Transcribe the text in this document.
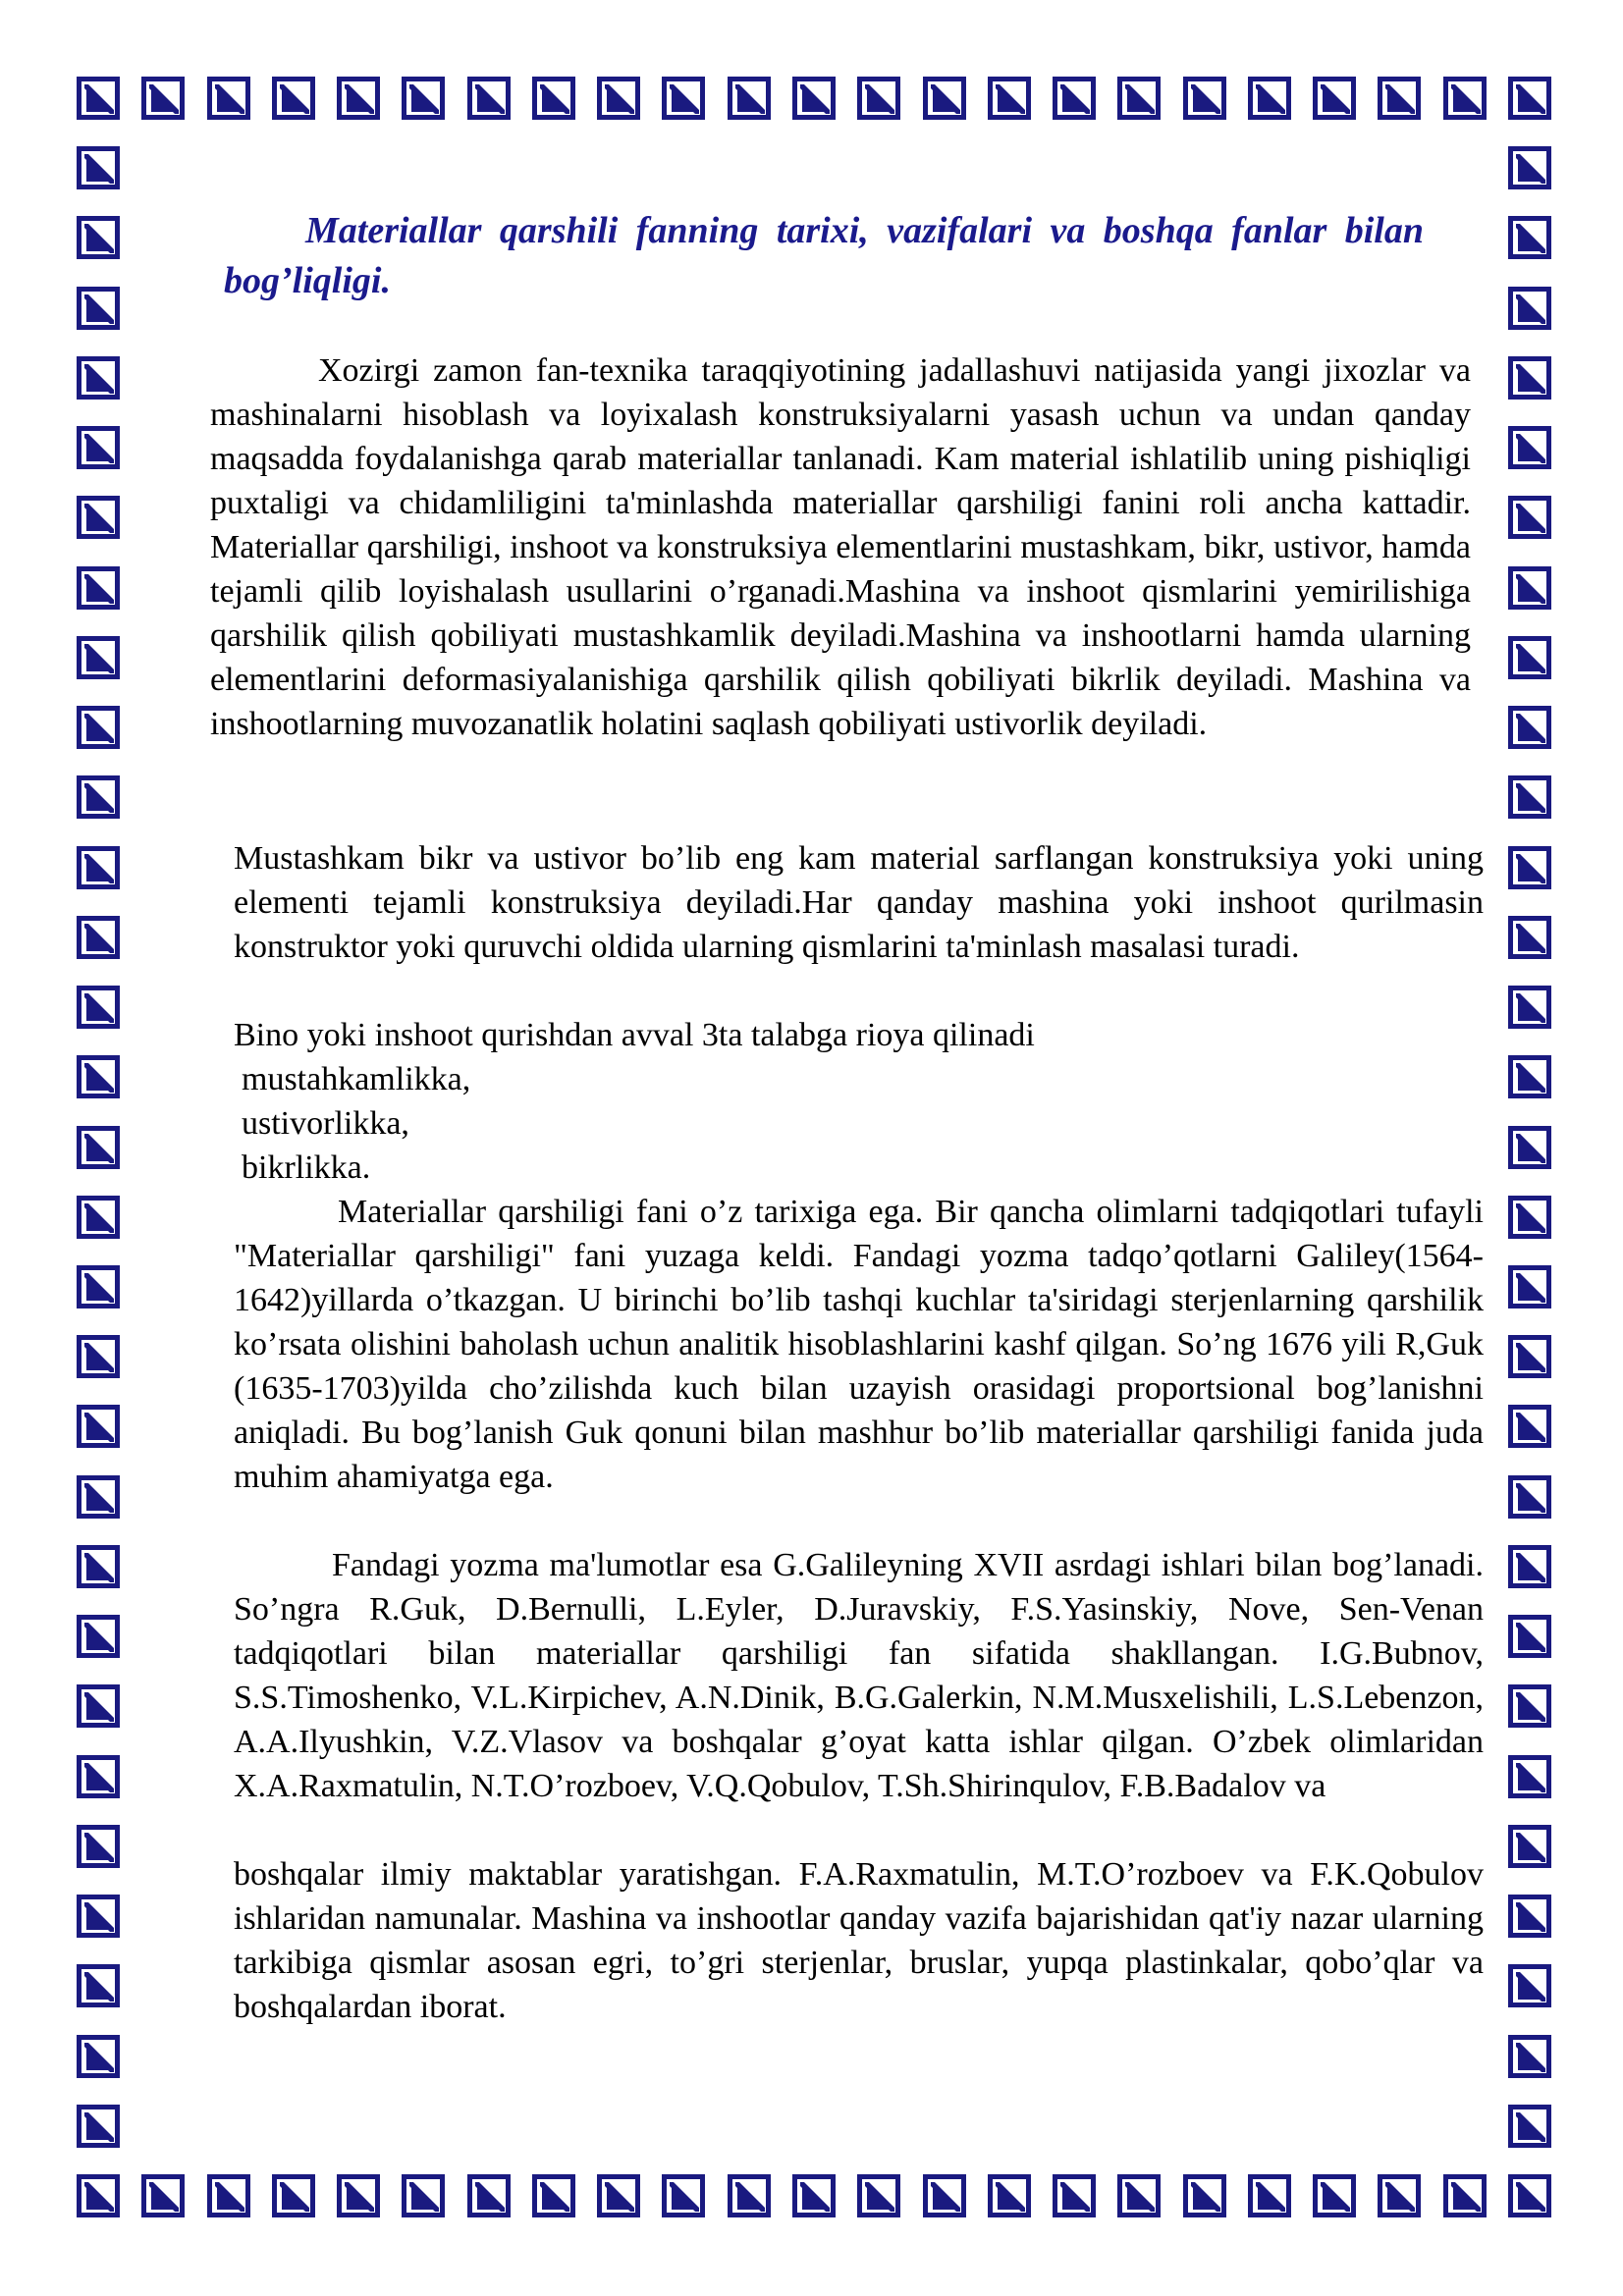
Materiallar qarshili fanning tarixi, vazifalari va boshqa fanlar bilan bog’liqligi.

Xozirgi zamon fan-texnika taraqqiyotining jadallashuvi natijasida yangi jixozlar va mashinalarni hisoblash va loyixalash konstruksiyalarni yasash uchun va undan qanday maqsadda foydalanishga qarab materiallar tanlanadi. Kam material ishlatilib uning pishiqligi puxtaligi va chidamliligini ta'minlashda materiallar qarshiligi fanini roli ancha kattadir. Materiallar qarshiligi, inshoot va konstruksiya elementlarini mustashkam, bikr, ustivor, hamda tejamli qilib loyishalash usullarini o’rganadi.Mashina va inshoot qismlarini yemirilishiga qarshilik qilish qobiliyati mustashkamlik deyiladi.Mashina va inshootlarni hamda ularning elementlarini deformasiyalanishiga qarshilik qilish qobiliyati bikrlik deyiladi. Mashina va inshootlarning muvozanatlik holatini saqlash qobiliyati ustivorlik deyiladi.

Mustashkam bikr va ustivor bo’lib eng kam material sarflangan konstruksiya yoki uning elementi tejamli konstruksiya deyiladi.Har qanday mashina yoki inshoot qurilmasin konstruktor yoki quruvchi oldida ularning qismlarini ta'minlash masalasi turadi.

Bino yoki inshoot qurishdan avval 3ta talabga rioya qilinadi

mustahkamlikka,

ustivorlikka,

bikrlikka.

Materiallar qarshiligi fani o’z tarixiga ega. Bir qancha olimlarni tadqiqotlari tufayli "Materiallar qarshiligi" fani yuzaga keldi. Fandagi yozma tadqo’qotlarni Galiley(1564-1642)yillarda o’tkazgan. U birinchi bo’lib tashqi kuchlar ta'siridagi sterjenlarning qarshilik ko’rsata olishini baholash uchun analitik hisoblashlarini kashf qilgan. So’ng 1676 yili R,Guk (1635-1703)yilda cho’zilishda kuch bilan uzayish orasidagi proportsional bog’lanishni aniqladi. Bu bog’lanish Guk qonuni bilan mashhur bo’lib materiallar qarshiligi fanida juda muhim ahamiyatga ega.

Fandagi yozma ma'lumotlar esa G.Galileyning XVII asrdagi ishlari bilan bog’lanadi. So’ngra R.Guk, D.Bernulli, L.Eyler, D.Juravskiy, F.S.Yasinskiy, Nove, Sen-Venan tadqiqotlari bilan materiallar qarshiligi fan sifatida shakllangan. I.G.Bubnov, S.S.Timoshenko, V.L.Kirpichev, A.N.Dinik, B.G.Galerkin, N.M.Musxelishili, L.S.Lebenzon, A.A.Ilyushkin, V.Z.Vlasov va boshqalar g’oyat katta ishlar qilgan. O’zbek olimlaridan X.A.Raxmatulin, N.T.O’rozboev, V.Q.Qobulov, T.Sh.Shirinqulov, F.B.Badalov va

boshqalar ilmiy maktablar yaratishgan. F.A.Raxmatulin, M.T.O’rozboev va F.K.Qobulov ishlaridan namunalar. Mashina va inshootlar qanday vazifa bajarishidan qat'iy nazar ularning tarkibiga qismlar asosan egri, to’gri sterjenlar, bruslar, yupqa plastinkalar, qobo’qlar va boshqalardan iborat.
